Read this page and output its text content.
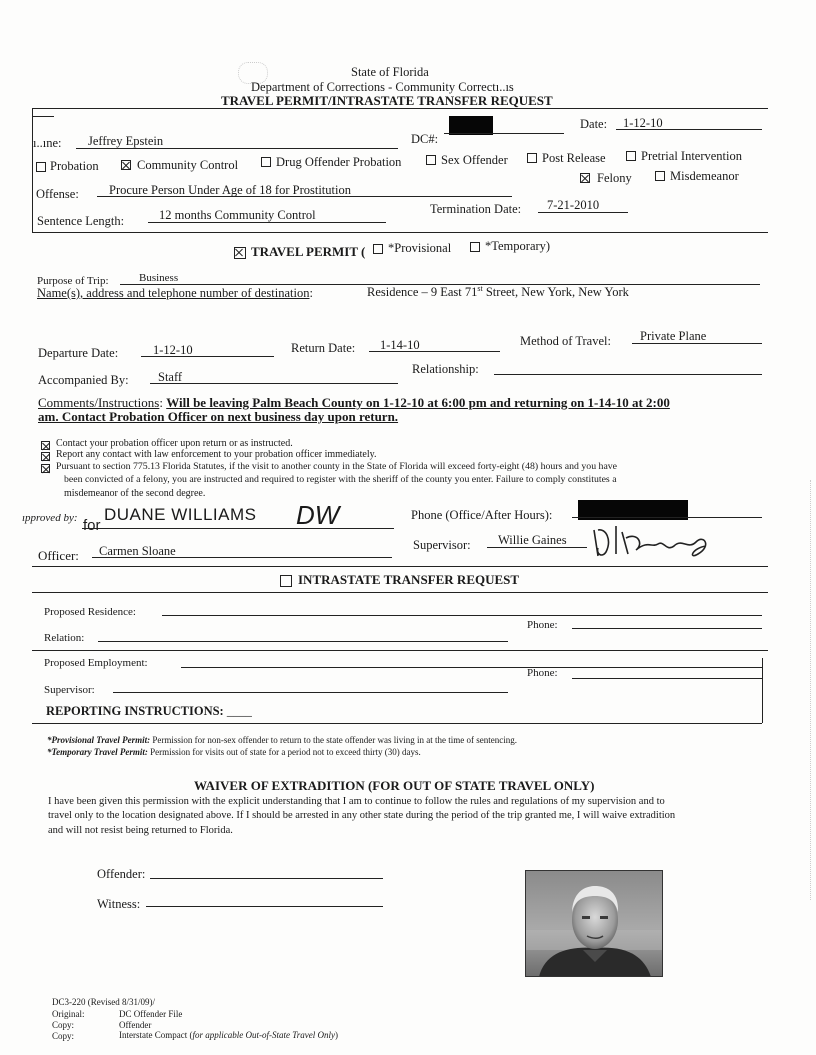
State of Florida
Department of Corrections - Community Correctı..ıs
TRAVEL PERMIT/INTRASTATE TRANSFER REQUEST
ı..ıne: Jeffrey Epstein	DC#:
Date: 1-12-10
Probation	Community Control	Drug Offender Probation	Sex Offender	Post Release	Pretrial Intervention
Offense: Procure Person Under Age of 18 for Prostitution
Felony	Misdemeanor
Sentence Length:	12 months Community Control	Termination Date: 7-21-2010
TRAVEL PERMIT ( *Provisional	*Temporary)
Purpose of Trip:	Business
Name(s), address and telephone number of destination:	Residence – 9 East 71st Street, New York, New York
Departure Date:	1-12-10	Return Date: 1-14-10	Method of Travel: Private Plane
Accompanied By: Staff
Relationship:
Comments/Instructions: Will be leaving Palm Beach County on 1-12-10 at 6:00 pm and returning on 1-14-10 at 2:00
am. Contact Probation Officer on next business day upon return.
Contact your probation officer upon return or as instructed.
Report any contact with law enforcement to your probation officer immediately.
Pursuant to section 775.13 Florida Statutes, if the visit to another county in the State of Florida will exceed forty-eight (48) hours and you have
been convicted of a felony, you are instructed and required to register with the sheriff of the county you enter. Failure to comply constitutes a
misdemeanor of the second degree.
ıpproved by: for
DUANE WILLIAMS DW	Phone (Office/After Hours):
Officer: Carmen Sloane	Supervisor: Willie Gaines
INTRASTATE TRANSFER REQUEST
Proposed Residence:
Phone:
Relation:
Proposed Employment:
Phone:
Supervisor:
REPORTING INSTRUCTIONS: ____
*Provisional Travel Permit: Permission for non-sex offender to return to the state offender was living in at the time of sentencing.
*Temporary Travel Permit: Permission for visits out of state for a period not to exceed thirty (30) days.
WAIVER OF EXTRADITION (FOR OUT OF STATE TRAVEL ONLY)
I have been given this permission with the explicit understanding that I am to continue to follow the rules and regulations of my supervision and to
travel only to the location designated above. If I should be arrested in any other state during the period of the trip granted me, I will waive extradition
and will not resist being returned to Florida.
Offender:
Witness:
DC3-220 (Revised 8/31/09)/
Original:	DC Offender File
Copy:	Offender
Copy:	Interstate Compact (for applicable Out-of-State Travel Only)
